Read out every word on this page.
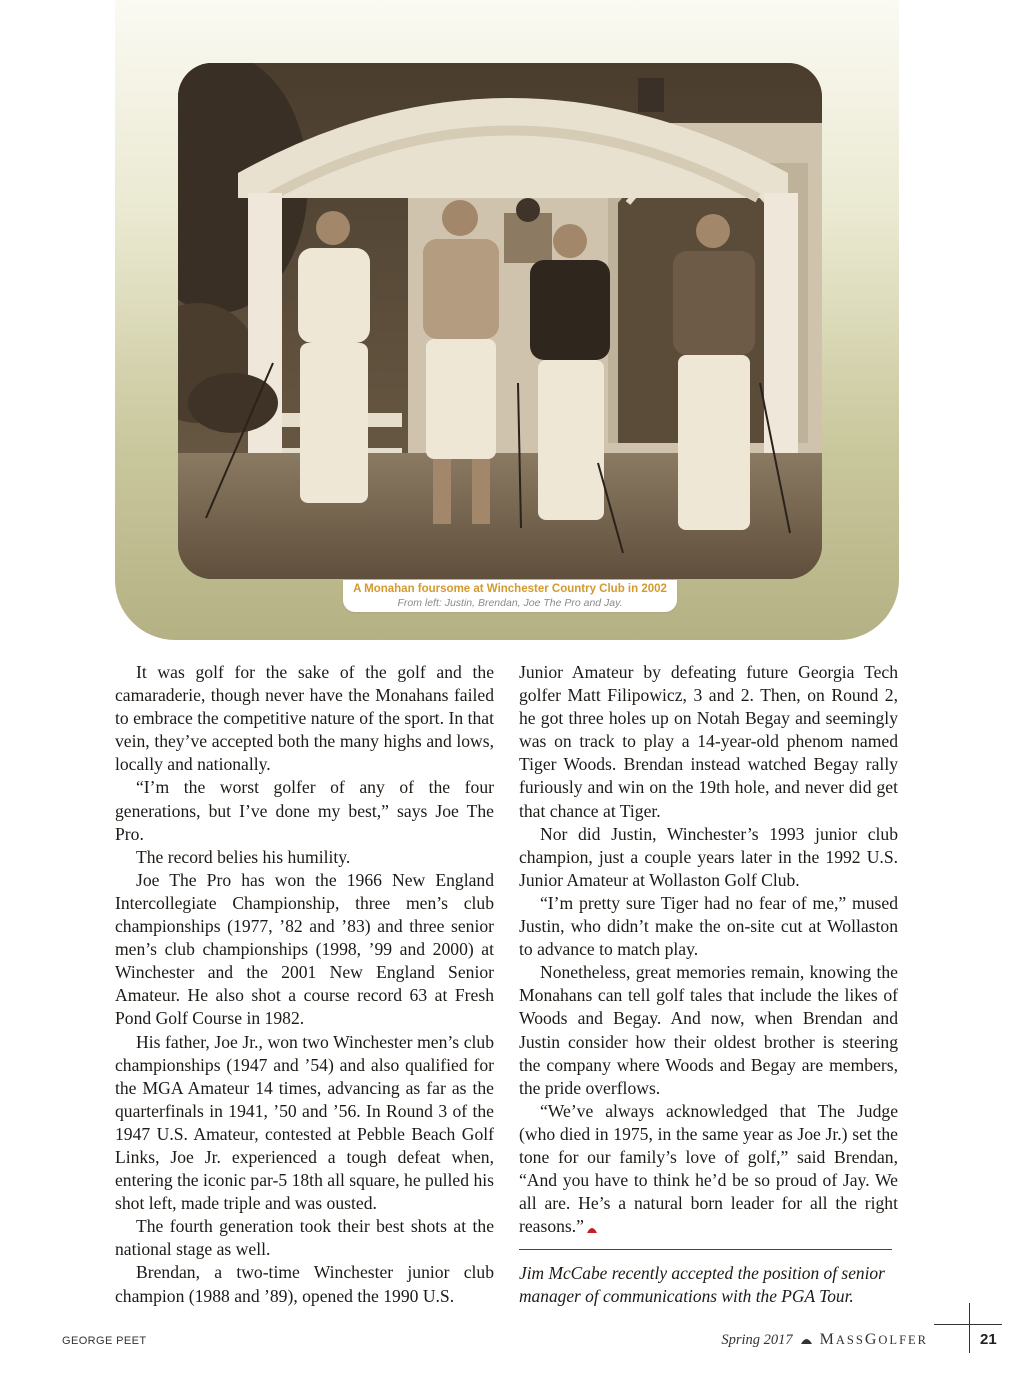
A Monahan foursome at Winchester Country Club in 2002
From left: Justin, Brendan, Joe The Pro and Jay.

It was golf for the sake of the golf and the camaraderie, though never have the Monahans failed to embrace the competitive nature of the sport. In that vein, they’ve accepted both the many highs and lows, locally and nationally.

“I’m the worst golfer of any of the four generations, but I’ve done my best,” says Joe The Pro.

The record belies his humility.

Joe The Pro has won the 1966 New England Intercollegiate Championship, three men’s club championships (1977, ’82 and ’83) and three senior men’s club championships (1998, ’99 and 2000) at Winchester and the 2001 New England Senior Amateur. He also shot a course record 63 at Fresh Pond Golf Course in 1982.

His father, Joe Jr., won two Winchester men’s club championships (1947 and ’54) and also qualified for the MGA Amateur 14 times, advancing as far as the quarterfinals in 1941, ’50 and ’56. In Round 3 of the 1947 U.S. Amateur, contested at Pebble Beach Golf Links, Joe Jr. experienced a tough defeat when, entering the iconic par-5 18th all square, he pulled his shot left, made triple and was ousted.

The fourth generation took their best shots at the national stage as well.

Brendan, a two-time Winchester junior club champion (1988 and ’89), opened the 1990 U.S.

Junior Amateur by defeating future Georgia Tech golfer Matt Filipowicz, 3 and 2. Then, on Round 2, he got three holes up on Notah Begay and seemingly was on track to play a 14-year-old phenom named Tiger Woods. Brendan instead watched Begay rally furiously and win on the 19th hole, and never did get that chance at Tiger.

Nor did Justin, Winchester’s 1993 junior club champion, just a couple years later in the 1992 U.S. Junior Amateur at Wollaston Golf Club.

“I’m pretty sure Tiger had no fear of me,” mused Justin, who didn’t make the on-site cut at Wollaston to advance to match play.

Nonetheless, great memories remain, knowing the Monahans can tell golf tales that include the likes of Woods and Begay. And now, when Brendan and Justin consider how their oldest brother is steering the company where Woods and Begay are members, the pride overflows.

“We’ve always acknowledged that The Judge (who died in 1975, in the same year as Joe Jr.) set the tone for our family’s love of golf,” said Brendan, “And you have to think he’d be so proud of Jay. We all are. He’s a natural born leader for all the right reasons.”

Jim McCabe recently accepted the position of senior manager of communications with the PGA Tour.
GEORGE PEET	Spring 2017 MASSGOLFER	21
